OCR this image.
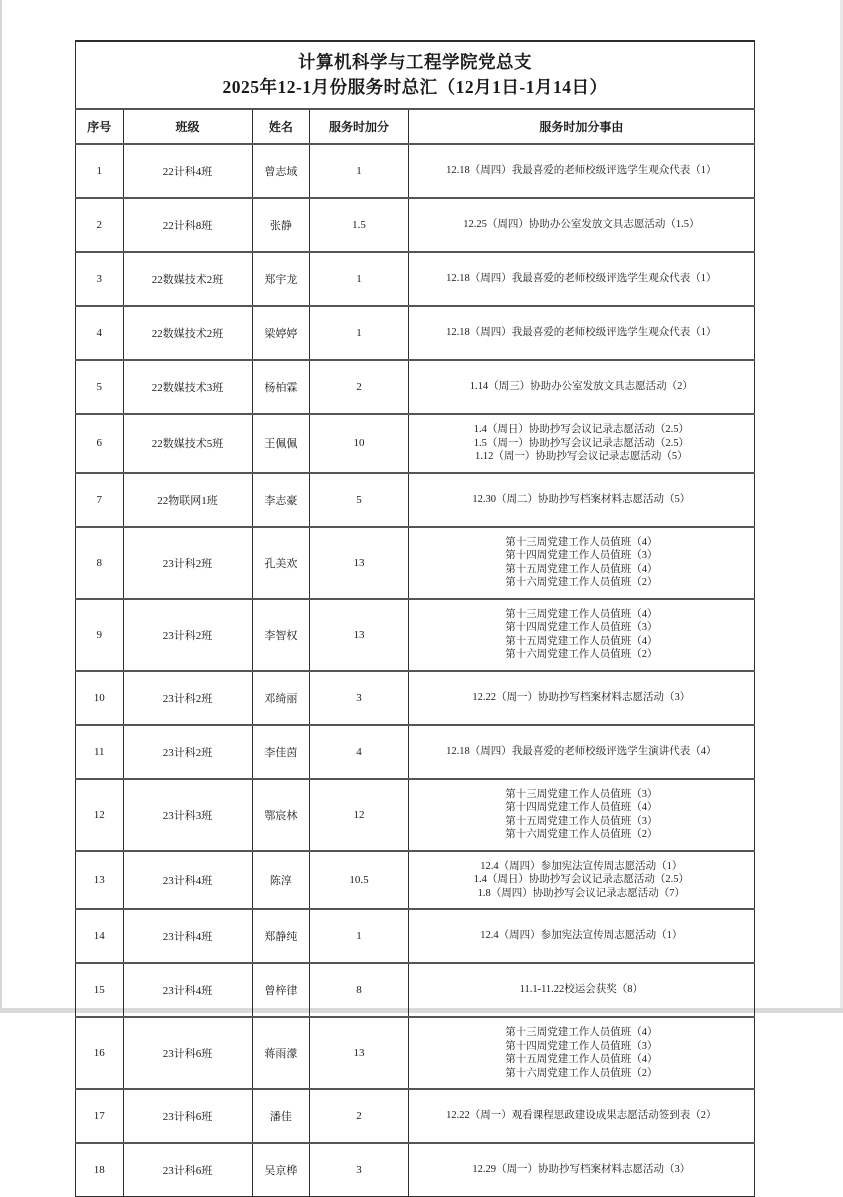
计算机科学与工程学院党总支
2025年12-1月份服务时总汇（12月1日-1月14日）				

序号	班级	姓名	服务时加分	服务时加分事由
1	22计科4班	曾志域	1	12.18（周四）我最喜爱的老师校级评选学生观众代表（1）

2	22计科8班	张静	1.5	12.25（周四）协助办公室发放文具志愿活动（1.5）

3	22数媒技术2班	郑宇龙	1	12.18（周四）我最喜爱的老师校级评选学生观众代表（1）

4	22数媒技术2班	梁婷婷	1	12.18（周四）我最喜爱的老师校级评选学生观众代表（1）

5	22数媒技术3班	杨柏霖	2	1.14（周三）协助办公室发放文具志愿活动（2）

6	22数媒技术5班	王佩佩	10	1.4（周日）协助抄写会议记录志愿活动（2.5）
1.5（周一）协助抄写会议记录志愿活动（2.5）
1.12（周一）协助抄写会议记录志愿活动（5）

7	22物联网1班	李志豪	5	12.30（周二）协助抄写档案材料志愿活动（5）

8	23计科2班	孔美欢	13	第十三周党建工作人员值班（4）
第十四周党建工作人员值班（3）
第十五周党建工作人员值班（4）
第十六周党建工作人员值班（2）

9	23计科2班	李智权	13	第十三周党建工作人员值班（4）
第十四周党建工作人员值班（3）
第十五周党建工作人员值班（4）
第十六周党建工作人员值班（2）

10	23计科2班	邓绮丽	3	12.22（周一）协助抄写档案材料志愿活动（3）

11	23计科2班	李佳茵	4	12.18（周四）我最喜爱的老师校级评选学生演讲代表（4）

12	23计科3班	鄂宸林	12	第十三周党建工作人员值班（3）
第十四周党建工作人员值班（4）
第十五周党建工作人员值班（3）
第十六周党建工作人员值班（2）

13	23计科4班	陈淳	10.5	12.4（周四）参加宪法宣传周志愿活动（1）
1.4（周日）协助抄写会议记录志愿活动（2.5）
1.8（周四）协助抄写会议记录志愿活动（7）

14	23计科4班	郑静纯	1	12.4（周四）参加宪法宣传周志愿活动（1）

15	23计科4班	曾梓律	8	11.1-11.22校运会获奖（8）

16	23计科6班	蒋雨濛	13	第十三周党建工作人员值班（4）
第十四周党建工作人员值班（3）
第十五周党建工作人员值班（4）
第十六周党建工作人员值班（2）

17	23计科6班	潘佳	2	12.22（周一）观看课程思政建设成果志愿活动签到表（2）

18	23计科6班	吴京桦	3	12.29（周一）协助抄写档案材料志愿活动（3）
